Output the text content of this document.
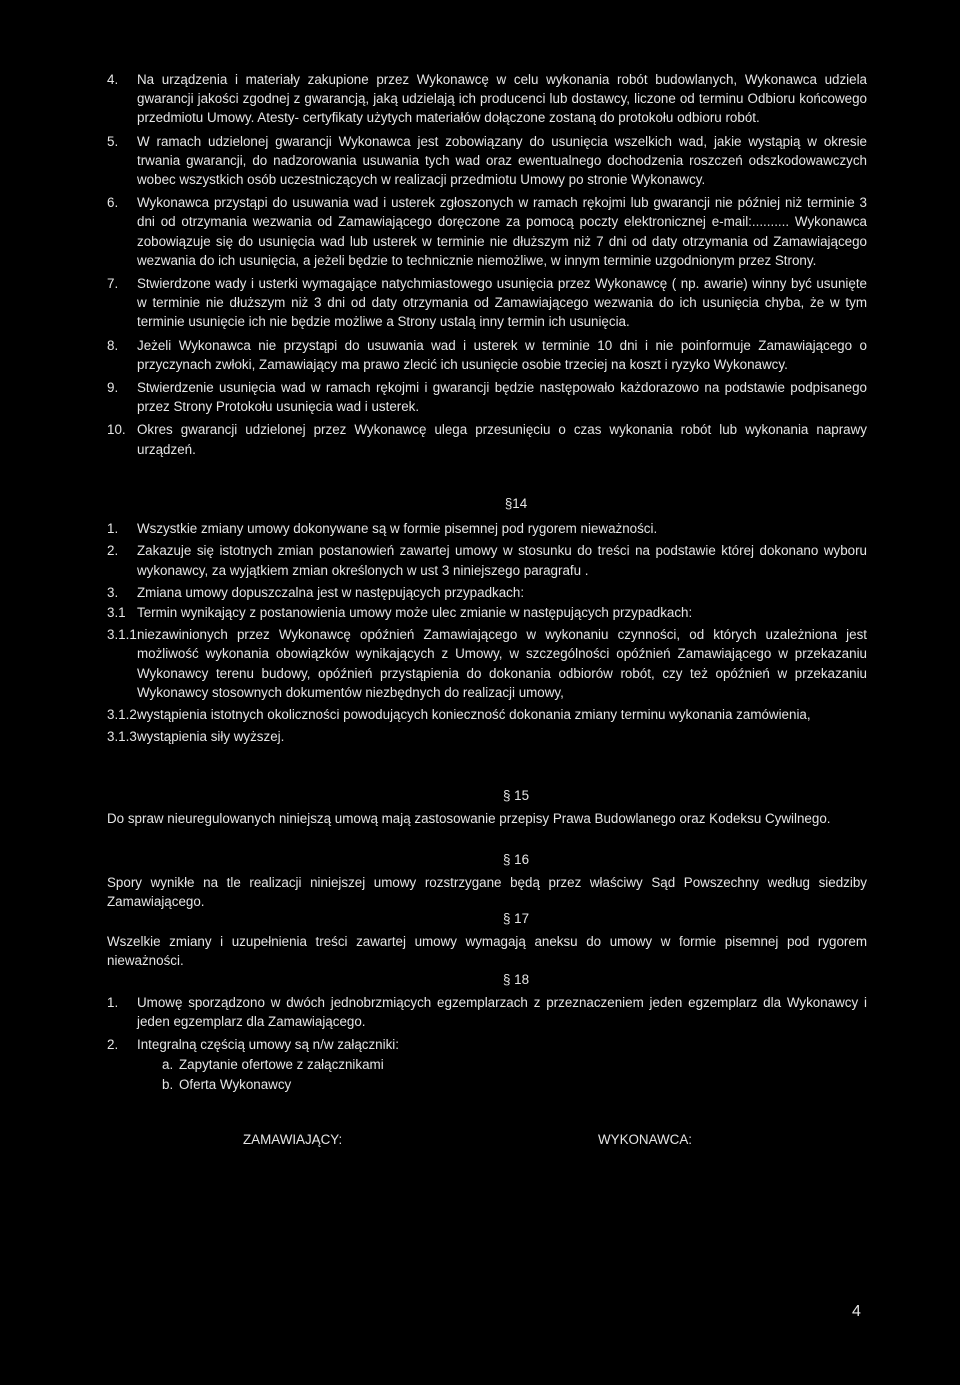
4. Na urządzenia i materiały zakupione przez Wykonawcę w celu wykonania robót budowlanych, Wykonawca udziela gwarancji jakości zgodnej z gwarancją, jaką udzielają ich producenci lub dostawcy, liczone od terminu Odbioru końcowego przedmiotu Umowy. Atesty- certyfikaty użytych materiałów dołączone zostaną do protokołu odbioru robót.
5. W ramach udzielonej gwarancji Wykonawca jest zobowiązany do usunięcia wszelkich wad, jakie wystąpią w okresie trwania gwarancji, do nadzorowania usuwania tych wad oraz ewentualnego dochodzenia roszczeń odszkodowawczych wobec wszystkich osób uczestniczących w realizacji przedmiotu Umowy po stronie Wykonawcy.
6. Wykonawca przystąpi do usuwania wad i usterek zgłoszonych w ramach rękojmi lub gwarancji nie później niż terminie 3 dni od otrzymania wezwania od Zamawiającego doręczone za pomocą poczty elektronicznej e-mail:.......... Wykonawca zobowiązuje się do usunięcia wad lub usterek w terminie nie dłuższym niż 7 dni od daty otrzymania od Zamawiającego wezwania do ich usunięcia, a jeżeli będzie to technicznie niemożliwe, w innym terminie uzgodnionym przez Strony.
7. Stwierdzone wady i usterki wymagające natychmiastowego usunięcia przez Wykonawcę ( np. awarie) winny być usunięte w terminie nie dłuższym niż 3 dni od daty otrzymania od Zamawiającego wezwania do ich usunięcia chyba, że w tym terminie usunięcie ich nie będzie możliwe a Strony ustalą inny termin ich usunięcia.
8. Jeżeli Wykonawca nie przystąpi do usuwania wad i usterek w terminie 10 dni i nie poinformuje Zamawiającego o przyczynach zwłoki, Zamawiający ma prawo zlecić ich usunięcie osobie trzeciej na koszt i ryzyko Wykonawcy.
9. Stwierdzenie usunięcia wad w ramach rękojmi i gwarancji będzie następowało każdorazowo na podstawie podpisanego przez Strony Protokołu usunięcia wad i usterek.
10. Okres gwarancji udzielonej przez Wykonawcę ulega przesunięciu o czas wykonania robót lub wykonania naprawy urządzeń.
§14
1. Wszystkie zmiany umowy dokonywane są w formie pisemnej pod rygorem nieważności.
2. Zakazuje się istotnych zmian postanowień zawartej umowy w stosunku do treści na podstawie której dokonano wyboru wykonawcy, za wyjątkiem zmian określonych w ust 3 niniejszego paragrafu .
3. Zmiana umowy dopuszczalna jest w następujących przypadkach:
3.1 Termin wynikający z postanowienia umowy może ulec zmianie w następujących przypadkach:
3.1.1 niezawinionych przez Wykonawcę opóźnień Zamawiającego w wykonaniu czynności, od których uzależniona jest możliwość wykonania obowiązków wynikających z Umowy, w szczególności opóźnień Zamawiającego w przekazaniu Wykonawcy terenu budowy, opóźnień przystąpienia do dokonania odbiorów robót, czy też opóźnień w przekazaniu Wykonawcy stosownych dokumentów niezbędnych do realizacji umowy,
3.1.2 wystąpienia istotnych okoliczności powodujących konieczność dokonania zmiany terminu wykonania zamówienia,
3.1.3 wystąpienia siły wyższej.
§ 15
Do spraw nieuregulowanych niniejszą umową mają zastosowanie przepisy Prawa Budowlanego oraz Kodeksu Cywilnego.
§ 16
Spory wynikłe na tle realizacji niniejszej umowy rozstrzygane będą przez właściwy Sąd Powszechny według siedziby Zamawiającego.
§ 17
Wszelkie zmiany i uzupełnienia treści zawartej umowy wymagają aneksu do umowy w formie pisemnej pod rygorem nieważności.
§ 18
1. Umowę sporządzono w dwóch jednobrzmiących egzemplarzach z przeznaczeniem jeden egzemplarz dla Wykonawcy i jeden egzemplarz dla Zamawiającego.
2. Integralną częścią umowy są n/w załączniki:
a. Zapytanie ofertowe z załącznikami
b. Oferta Wykonawcy
ZAMAWIAJĄCY:	WYKONAWCA:
4
